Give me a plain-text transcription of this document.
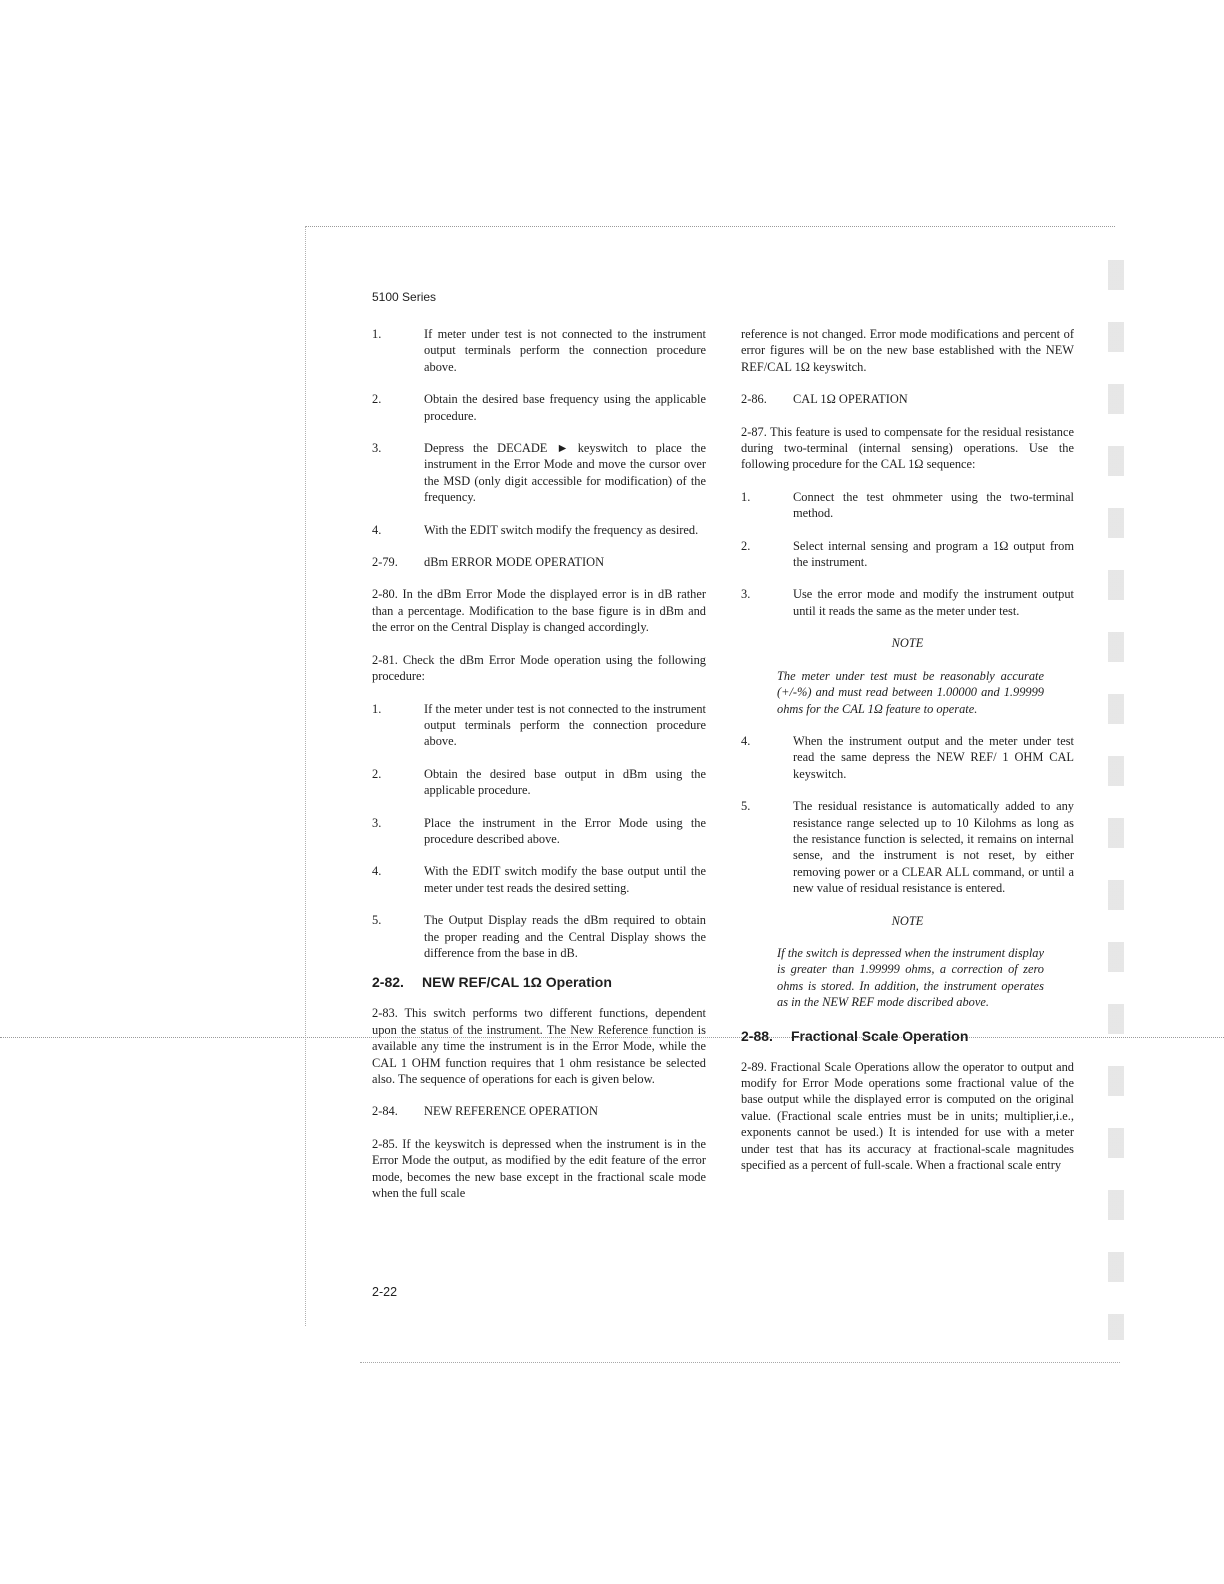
5100 Series
1.	If meter under test is not connected to the instrument output terminals perform the connection procedure above.
2.	Obtain the desired base frequency using the applicable procedure.
3.	Depress the DECADE ► keyswitch to place the instrument in the Error Mode and move the cursor over the MSD (only digit accessible for modification) of the frequency.
4.	With the EDIT switch modify the frequency as desired.
2-79. dBm ERROR MODE OPERATION
2-80. In the dBm Error Mode the displayed error is in dB rather than a percentage. Modification to the base figure is in dBm and the error on the Central Display is changed accordingly.
2-81. Check the dBm Error Mode operation using the following procedure:
1.	If the meter under test is not connected to the instrument output terminals perform the connection procedure above.
2.	Obtain the desired base output in dBm using the applicable procedure.
3.	Place the instrument in the Error Mode using the procedure described above.
4.	With the EDIT switch modify the base output until the meter under test reads the desired setting.
5.	The Output Display reads the dBm required to obtain the proper reading and the Central Display shows the difference from the base in dB.
2-82. NEW REF/CAL 1Ω Operation
2-83. This switch performs two different functions, dependent upon the status of the instrument. The New Reference function is available any time the instrument is in the Error Mode, while the CAL 1 OHM function requires that 1 ohm resistance be selected also. The sequence of operations for each is given below.
2-84. NEW REFERENCE OPERATION
2-85. If the keyswitch is depressed when the instrument is in the Error Mode the output, as modified by the edit feature of the error mode, becomes the new base except in the fractional scale mode when the full scale
reference is not changed. Error mode modifications and percent of error figures will be on the new base established with the NEW REF/CAL 1Ω keyswitch.
2-86. CAL 1Ω OPERATION
2-87. This feature is used to compensate for the residual resistance during two-terminal (internal sensing) operations. Use the following procedure for the CAL 1Ω sequence:
1.	Connect the test ohmmeter using the two-terminal method.
2.	Select internal sensing and program a 1Ω output from the instrument.
3.	Use the error mode and modify the instrument output until it reads the same as the meter under test.
NOTE
The meter under test must be reasonably accurate (+/-%) and must read between 1.00000 and 1.99999 ohms for the CAL 1Ω feature to operate.
4.	When the instrument output and the meter under test read the same depress the NEW REF/ 1 OHM CAL keyswitch.
5.	The residual resistance is automatically added to any resistance range selected up to 10 Kilohms as long as the resistance function is selected, it remains on internal sense, and the instrument is not reset, by either removing power or a CLEAR ALL command, or until a new value of residual resistance is entered.
NOTE
If the switch is depressed when the instrument display is greater than 1.99999 ohms, a correction of zero ohms is stored. In addition, the instrument operates as in the NEW REF mode discribed above.
2-88. Fractional Scale Operation
2-89. Fractional Scale Operations allow the operator to output and modify for Error Mode operations some fractional value of the base output while the displayed error is computed on the original value. (Fractional scale entries must be in units; multiplier,i.e., exponents cannot be used.) It is intended for use with a meter under test that has its accuracy at fractional-scale magnitudes specified as a percent of full-scale. When a fractional scale entry
2-22
